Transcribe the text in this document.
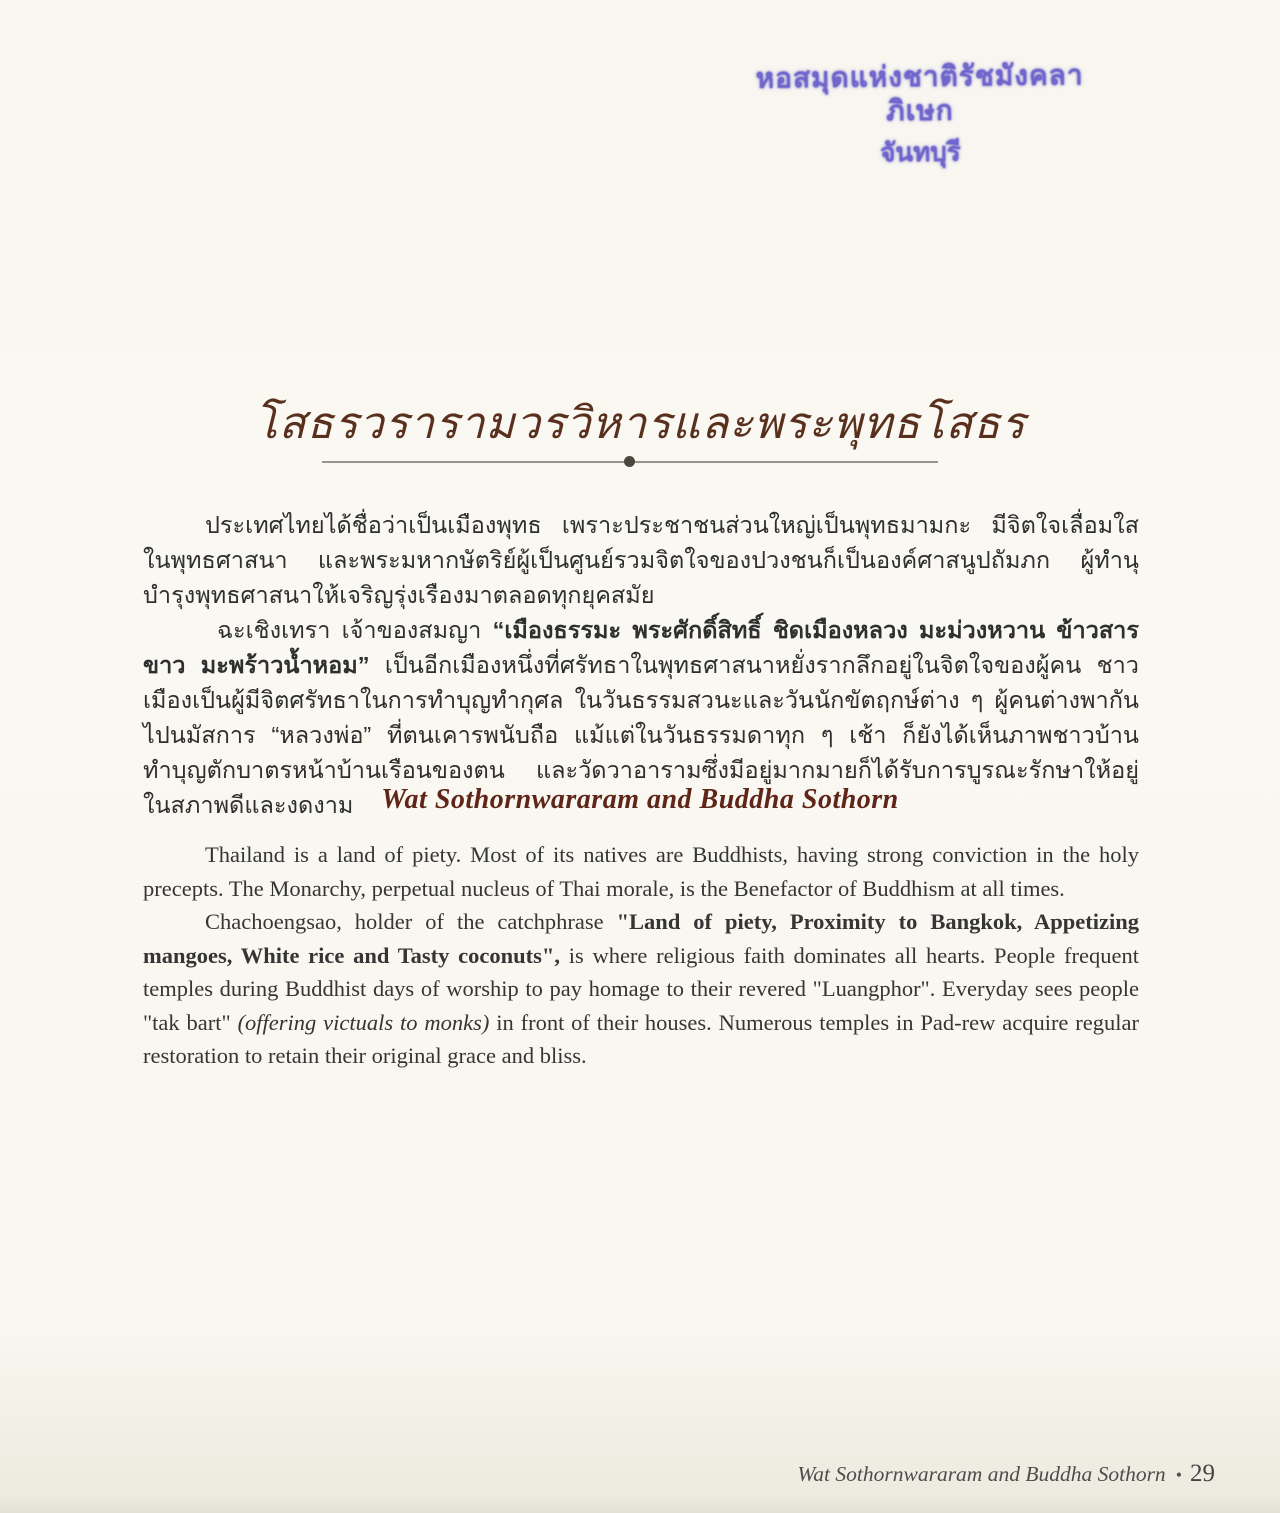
หอสมุดแห่งชาติรัชมังคลาภิเษก
จันทบุรี
โสธรวรารามวรวิหารและพระพุทธโสธร

ประเทศไทยได้ชื่อว่าเป็นเมืองพุทธ เพราะประชาชนส่วนใหญ่เป็นพุทธมามกะ มีจิตใจเลื่อมใสในพุทธศาสนา และพระมหากษัตริย์ผู้เป็นศูนย์รวมจิตใจของปวงชนก็เป็นองค์ศาสนูปถัมภก ผู้ทำนุบำรุงพุทธศาสนาให้เจริญรุ่งเรืองมาตลอดทุกยุคสมัย

ฉะเชิงเทรา เจ้าของสมญา “เมืองธรรมะ พระศักดิ์สิทธิ์ ชิดเมืองหลวง มะม่วงหวาน ข้าวสารขาว มะพร้าวน้ำหอม” เป็นอีกเมืองหนึ่งที่ศรัทธาในพุทธศาสนาหยั่งรากลึกอยู่ในจิตใจของผู้คน ชาวเมืองเป็นผู้มีจิตศรัทธาในการทำบุญทำกุศล ในวันธรรมสวนะและวันนักขัตฤกษ์ต่าง ๆ ผู้คนต่างพากันไปนมัสการ “หลวงพ่อ” ที่ตนเคารพนับถือ แม้แต่ในวันธรรมดาทุก ๆ เช้า ก็ยังได้เห็นภาพชาวบ้านทำบุญตักบาตรหน้าบ้านเรือนของตน และวัดวาอารามซึ่งมีอยู่มากมายก็ได้รับการบูรณะรักษาให้อยู่ในสภาพดีและงดงาม Wat Sothornwararam and Buddha Sothorn

Thailand is a land of piety. Most of its natives are Buddhists, having strong conviction in the holy precepts. The Monarchy, perpetual nucleus of Thai morale, is the Benefactor of Buddhism at all times.

Chachoengsao, holder of the catchphrase "Land of piety, Proximity to Bangkok, Appetizing mangoes, White rice and Tasty coconuts", is where religious faith dominates all hearts. People frequent temples during Buddhist days of worship to pay homage to their revered "Luangphor". Everyday sees people "tak bart" (offering victuals to monks) in front of their houses. Numerous temples in Pad-rew acquire regular restoration to retain their original grace and bliss.

Wat Sothornwararam and Buddha Sothorn • 29
